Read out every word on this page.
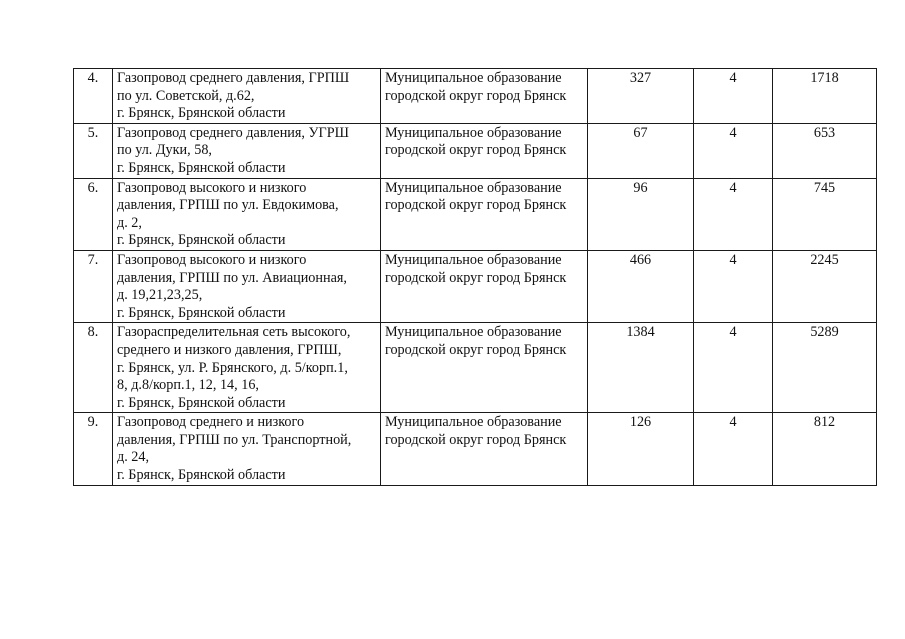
4.	Газопровод среднего давления, ГРПШ
по ул. Советской, д.62,
г. Брянск, Брянской области	Муниципальное образование
городской округ город Брянск	327	4	1718
5.	Газопровод среднего давления, УГРШ
по ул. Дуки, 58,
г. Брянск, Брянской области	Муниципальное образование
городской округ город Брянск	67	4	653
6.	Газопровод высокого и низкого
давления, ГРПШ по ул. Евдокимова,
д. 2,
г. Брянск, Брянской области	Муниципальное образование
городской округ город Брянск	96	4	745
7.	Газопровод высокого и низкого
давления, ГРПШ по ул. Авиационная,
д. 19,21,23,25,
г. Брянск, Брянской области	Муниципальное образование
городской округ город Брянск	466	4	2245
8.	Газораспределительная сеть высокого,
среднего и низкого давления, ГРПШ,
г. Брянск, ул. Р. Брянского, д. 5/корп.1,
8, д.8/корп.1, 12, 14, 16,
г. Брянск, Брянской области	Муниципальное образование
городской округ город Брянск	1384	4	5289
9.	Газопровод среднего и низкого
давления, ГРПШ по ул. Транспортной,
д. 24,
г. Брянск, Брянской области	Муниципальное образование
городской округ город Брянск	126	4	812
